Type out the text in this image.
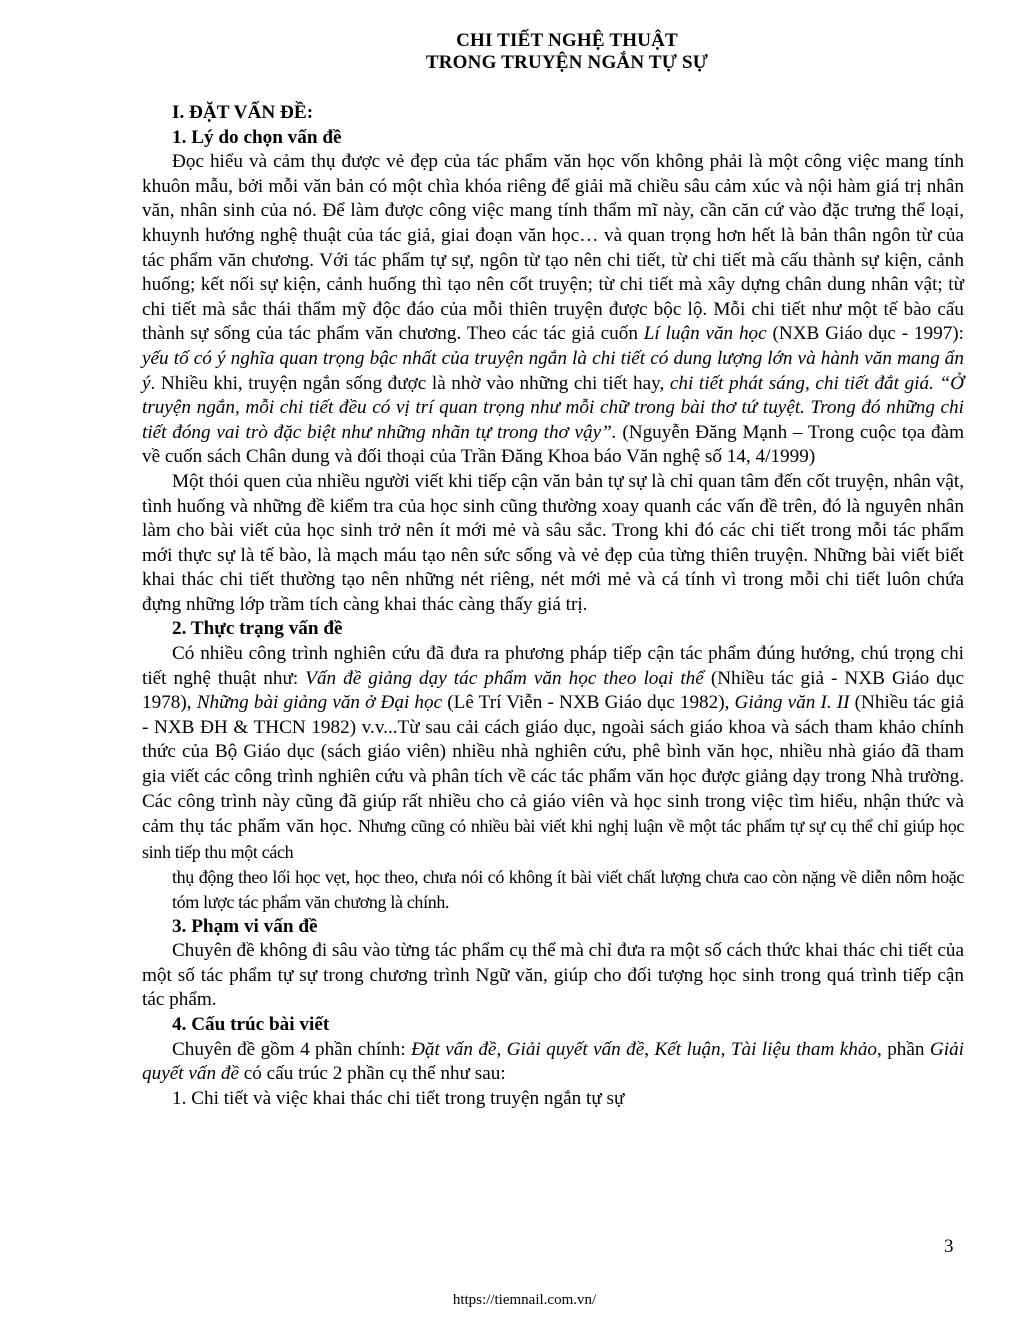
CHI TIẾT NGHỆ THUẬT
TRONG TRUYỆN NGẮN TỰ SỰ

I. ĐẶT VẤN ĐỀ:

1. Lý do chọn vấn đề

Đọc hiểu và cảm thụ được vẻ đẹp của tác phẩm văn học vốn không phải là một công việc mang tính khuôn mẫu, bởi mỗi văn bản có một chìa khóa riêng để giải mã chiều sâu cảm xúc và nội hàm giá trị nhân văn, nhân sinh của nó. Để làm được công việc mang tính thẩm mĩ này, cần căn cứ vào đặc trưng thể loại, khuynh hướng nghệ thuật của tác giả, giai đoạn văn học… và quan trọng hơn hết là bản thân ngôn từ của tác phẩm văn chương. Với tác phẩm tự sự, ngôn từ tạo nên chi tiết, từ chi tiết mà cấu thành sự kiện, cảnh huống; kết nối sự kiện, cảnh huống thì tạo nên cốt truyện; từ chi tiết mà xây dựng chân dung nhân vật; từ chi tiết mà sắc thái thẩm mỹ độc đáo của mỗi thiên truyện được bộc lộ. Mỗi chi tiết như một tế bào cấu thành sự sống của tác phẩm văn chương. Theo các tác giả cuốn Lí luận văn học (NXB Giáo dục - 1997): yếu tố có ý nghĩa quan trọng bậc nhất của truyện ngắn là chi tiết có dung lượng lớn và hành văn mang ẩn ý. Nhiều khi, truyện ngắn sống được là nhờ vào những chi tiết hay, chi tiết phát sáng, chi tiết đắt giá. “Ở truyện ngắn, mỗi chi tiết đều có vị trí quan trọng như mỗi chữ trong bài thơ tứ tuyệt. Trong đó những chi tiết đóng vai trò đặc biệt như những nhãn tự trong thơ vậy”. (Nguyễn Đăng Mạnh – Trong cuộc tọa đàm về cuốn sách Chân dung và đối thoại của Trần Đăng Khoa báo Văn nghệ số 14, 4/1999)

Một thói quen của nhiều người viết khi tiếp cận văn bản tự sự là chỉ quan tâm đến cốt truyện, nhân vật, tình huống và những đề kiểm tra của học sinh cũng thường xoay quanh các vấn đề trên, đó là nguyên nhân làm cho bài viết của học sinh trở nên ít mới mẻ và sâu sắc. Trong khi đó các chi tiết trong mỗi tác phẩm mới thực sự là tế bào, là mạch máu tạo nên sức sống và vẻ đẹp của từng thiên truyện. Những bài viết biết khai thác chi tiết thường tạo nên những nét riêng, nét mới mẻ và cá tính vì trong mỗi chi tiết luôn chứa đựng những lớp trầm tích càng khai thác càng thấy giá trị.

2. Thực trạng vấn đề

Có nhiều công trình nghiên cứu đã đưa ra phương pháp tiếp cận tác phẩm đúng hướng, chú trọng chi tiết nghệ thuật như: Vấn đề giảng dạy tác phẩm văn học theo loại thể (Nhiều tác giả - NXB Giáo dục 1978), Những bài giảng văn ở Đại học (Lê Trí Viễn - NXB Giáo dục 1982), Giảng văn I. II (Nhiều tác giả - NXB ĐH & THCN 1982) v.v...Từ sau cải cách giáo dục, ngoài sách giáo khoa và sách tham khảo chính thức của Bộ Giáo dục (sách giáo viên) nhiều nhà nghiên cứu, phê bình văn học, nhiều nhà giáo đã tham gia viết các công trình nghiên cứu và phân tích về các tác phẩm văn học được giảng dạy trong Nhà trường. Các công trình này cũng đã giúp rất nhiều cho cả giáo viên và học sinh trong việc tìm hiểu, nhận thức và cảm thụ tác phẩm văn học. Nhưng cũng có nhiều bài viết khi nghị luận về một tác phẩm tự sự cụ thể chỉ giúp học sinh tiếp thu một cách

thụ động theo lối học vẹt, học theo, chưa nói có không ít bài viết chất lượng chưa cao còn nặng về diễn nôm hoặc tóm lược tác phẩm văn chương là chính.

3. Phạm vi vấn đề

Chuyên đề không đi sâu vào từng tác phẩm cụ thể mà chỉ đưa ra một số cách thức khai thác chi tiết của một số tác phẩm tự sự trong chương trình Ngữ văn, giúp cho đối tượng học sinh trong quá trình tiếp cận tác phẩm.

4. Cấu trúc bài viết

Chuyên đề gồm 4 phần chính: Đặt vấn đề, Giải quyết vấn đề, Kết luận, Tài liệu tham khảo, phần Giải quyết vấn đề có cấu trúc 2 phần cụ thể như sau:

1. Chi tiết và việc khai thác chi tiết trong truyện ngắn tự sự

3
https://tiemnail.com.vn/
